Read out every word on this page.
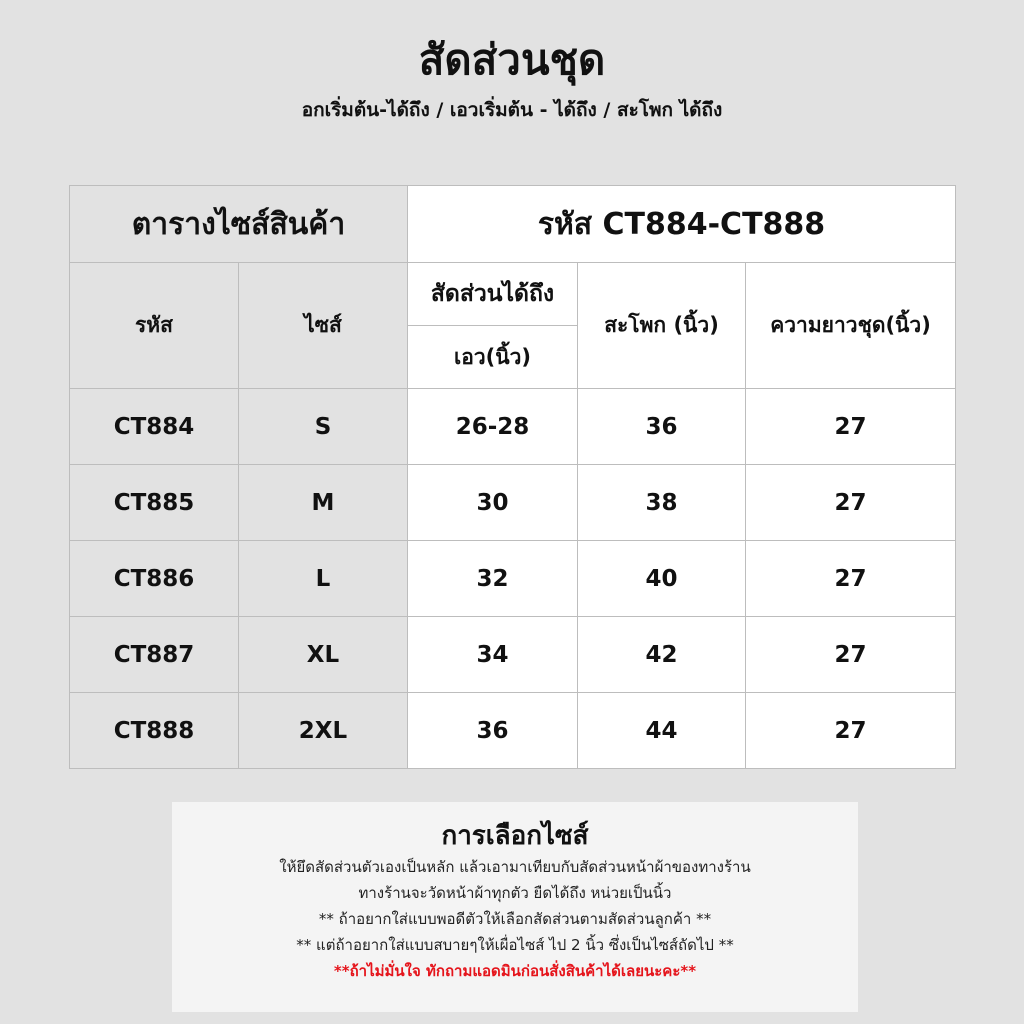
สัดส่วนชุด
อกเริ่มต้น-ได้ถึง / เอวเริ่มต้น - ได้ถึง / สะโพก ได้ถึง
ตารางไซส์สินค้า		รหัส CT884-CT888		
รหัส	ไซส์	สัดส่วนได้ถึง	สะโพก (นิ้ว)	ความยาวชุด(นิ้ว)
		เอว(นิ้ว)		
CT884	S	26-28	36	27
CT885	M	30	38	27
CT886	L	32	40	27
CT887	XL	34	42	27
CT888	2XL	36	44	27
การเลือกไซส์
ให้ยึดสัดส่วนตัวเองเป็นหลัก แล้วเอามาเทียบกับสัดส่วนหน้าผ้าของทางร้าน
ทางร้านจะวัดหน้าผ้าทุกตัว ยืดได้ถึง หน่วยเป็นนิ้ว
** ถ้าอยากใส่แบบพอดีตัวให้เลือกสัดส่วนตามสัดส่วนลูกค้า **
** แต่ถ้าอยากใส่แบบสบายๆให้เผื่อไซส์ ไป 2 นิ้ว ซึ่งเป็นไซส์ถัดไป **
**ถ้าไม่มั่นใจ ทักถามแอดมินก่อนสั่งสินค้าได้เลยนะคะ**
